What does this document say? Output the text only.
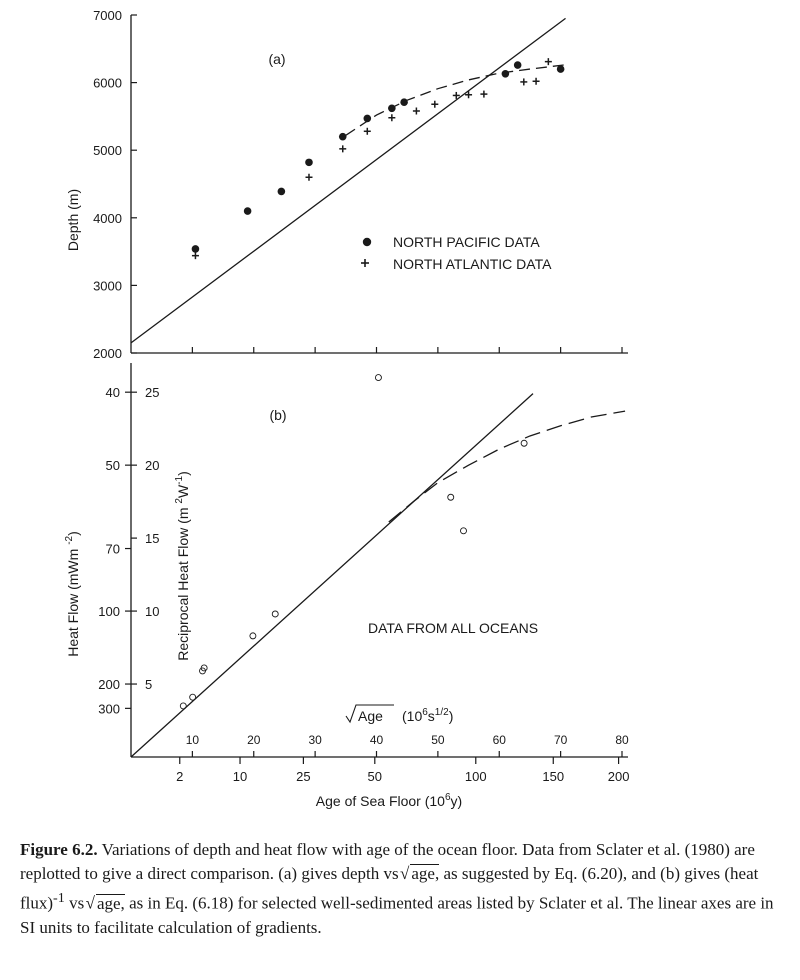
2000
3000
4000
5000
6000
7000
Depth (m)
(a)
NORTH PACIFIC DATA
NORTH ATLANTIC DATA
5
10
15
20
25
40
50
70
100
200
300
2	10	25	50	100	150	200
10	20	30	40	50	60	70	80
(b)
Heat Flow (mWm $^{-2}$)	Reciprocal Heat Flow (m $^2W^{-1}$)
DATA FROM ALL OCEANS
Age $(10^6s^{1/2})$
Age of Sea Floor $(10^6y)$
Figure 6.2. Variations of depth and heat flow with age of the ocean floor. Data from Sclater et al. (1980) are replotted to give a direct comparison. (a) gives depth vs √ age, as suggested by Eq. (6.20), and (b) gives (heat flux)$^{-1}$ vs √ age, as in Eq. (6.18) for selected well-sedimented areas listed by Sclater et al. The linear axes are in SI units to facilitate calculation of gradients.
